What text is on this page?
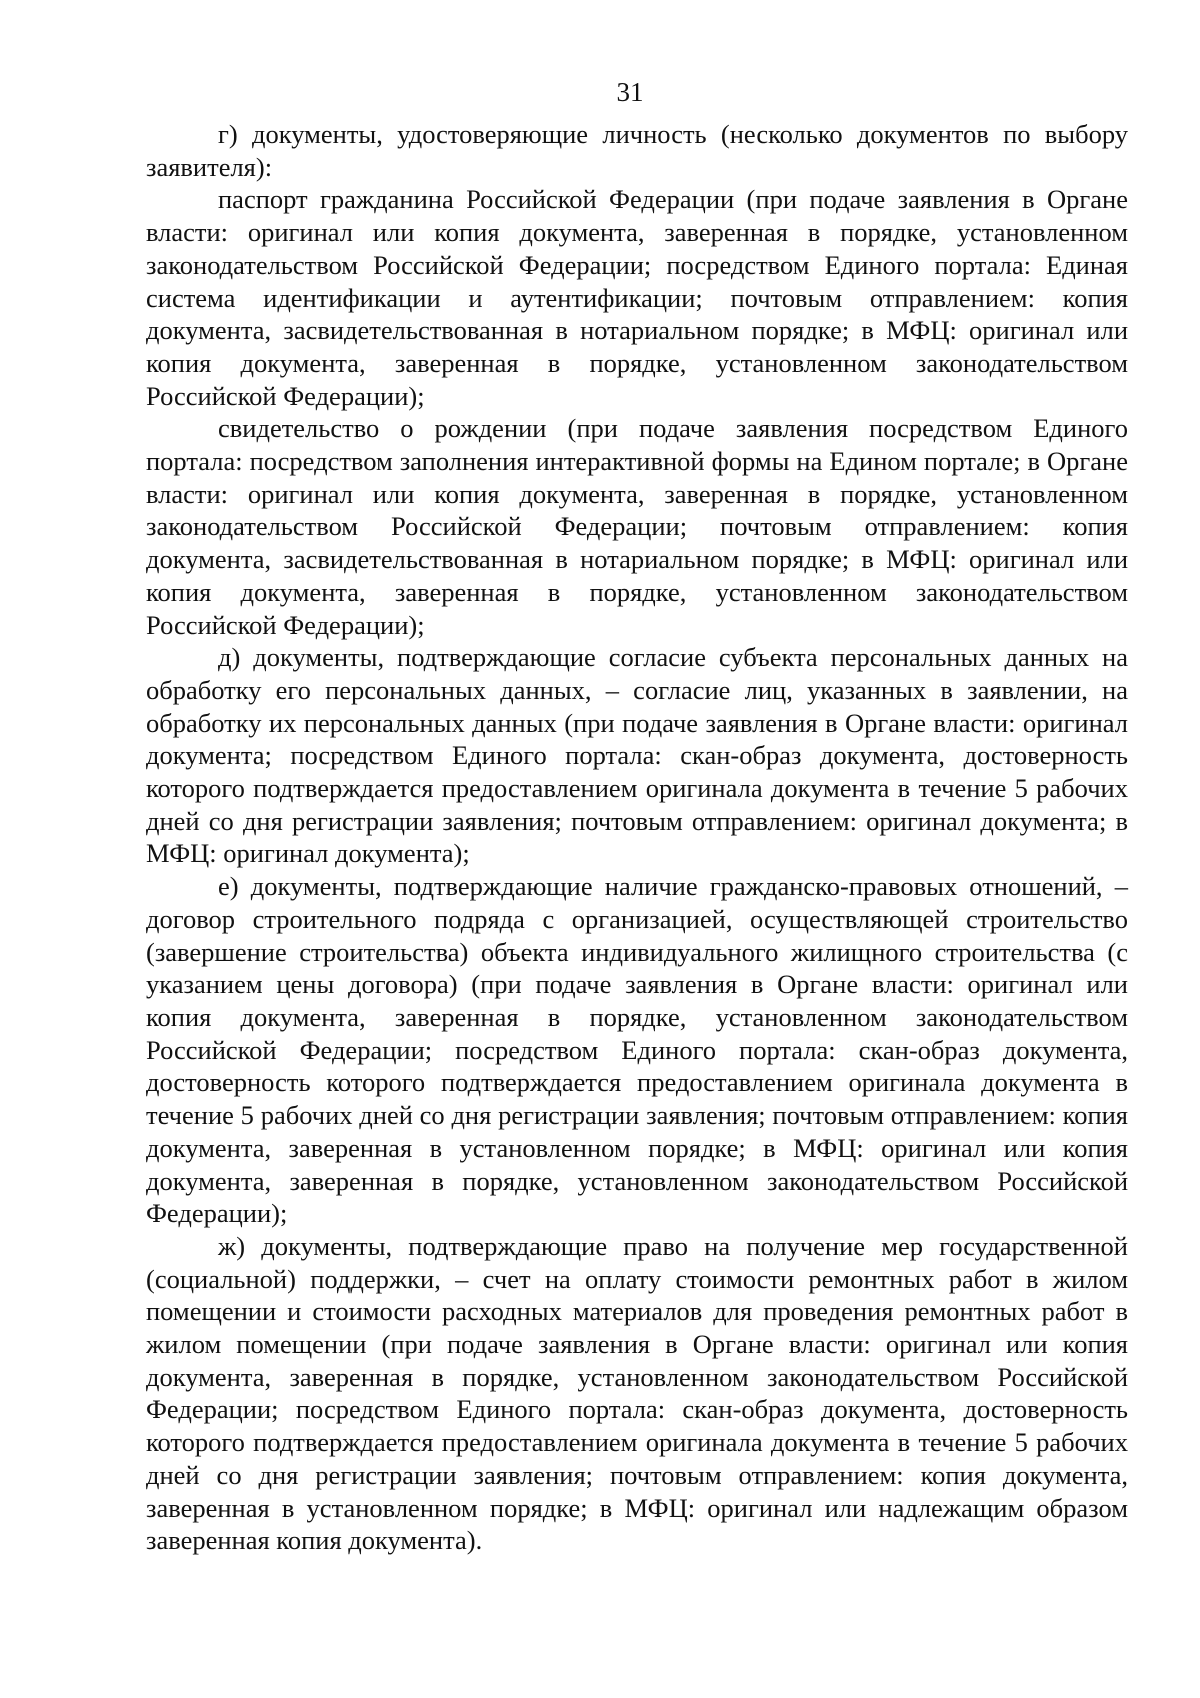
31

г) документы, удостоверяющие личность (несколько документов по выбору заявителя):

паспорт гражданина Российской Федерации (при подаче заявления в Органе власти: оригинал или копия документа, заверенная в порядке, установленном законодательством Российской Федерации; посредством Единого портала: Единая система идентификации и аутентификации; почтовым отправлением: копия документа, засвидетельствованная в нотариальном порядке; в МФЦ: оригинал или копия документа, заверенная в порядке, установленном законодательством Российской Федерации);

свидетельство о рождении (при подаче заявления посредством Единого портала: посредством заполнения интерактивной формы на Едином портале; в Органе власти: оригинал или копия документа, заверенная в порядке, установленном законодательством Российской Федерации; почтовым отправлением: копия документа, засвидетельствованная в нотариальном порядке; в МФЦ: оригинал или копия документа, заверенная в порядке, установленном законодательством Российской Федерации);

д) документы, подтверждающие согласие субъекта персональных данных на обработку его персональных данных, – согласие лиц, указанных в заявлении, на обработку их персональных данных (при подаче заявления в Органе власти: оригинал документа; посредством Единого портала: скан-образ документа, достоверность которого подтверждается предоставлением оригинала документа в течение 5 рабочих дней со дня регистрации заявления; почтовым отправлением: оригинал документа; в МФЦ: оригинал документа);

е) документы, подтверждающие наличие гражданско-правовых отношений, – договор строительного подряда с организацией, осуществляющей строительство (завершение строительства) объекта индивидуального жилищного строительства (с указанием цены договора) (при подаче заявления в Органе власти: оригинал или копия документа, заверенная в порядке, установленном законодательством Российской Федерации; посредством Единого портала: скан-образ документа, достоверность которого подтверждается предоставлением оригинала документа в течение 5 рабочих дней со дня регистрации заявления; почтовым отправлением: копия документа, заверенная в установленном порядке; в МФЦ: оригинал или копия документа, заверенная в порядке, установленном законодательством Российской Федерации);

ж) документы, подтверждающие право на получение мер государственной (социальной) поддержки, – счет на оплату стоимости ремонтных работ в жилом помещении и стоимости расходных материалов для проведения ремонтных работ в жилом помещении (при подаче заявления в Органе власти: оригинал или копия документа, заверенная в порядке, установленном законодательством Российской Федерации; посредством Единого портала: скан-образ документа, достоверность которого подтверждается предоставлением оригинала документа в течение 5 рабочих дней со дня регистрации заявления; почтовым отправлением: копия документа, заверенная в установленном порядке; в МФЦ: оригинал или надлежащим образом заверенная копия документа).
